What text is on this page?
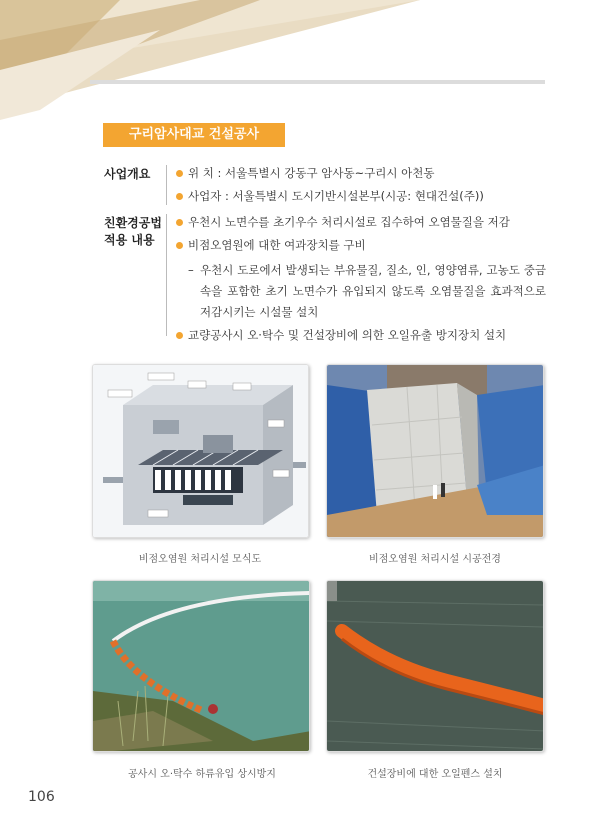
구리암사대교 건설공사
사업개요	위 치 : 서울특별시 강동구 암사동~구리시 아천동
사업자 : 서울특별시 도시기반시설본부(시공: 현대건설(주))
친환경공법
적용 내용
우천시 노면수를 초기우수 처리시설로 집수하여 오염물질을 저감
비점오염원에 대한 여과장치를 구비
– 우천시 도로에서 발생되는 부유물질, 질소, 인, 영양염류, 고농도 중금속을 포함한 초기 노면수가 유입되지 않도록 오염물질을 효과적으로 저감시키는 시설물 설치
교량공사시 오·탁수 및 건설장비에 의한 오일유출 방지장치 설치
비점오염원 처리시설 모식도	비점오염원 처리시설 시공전경
공사시 오·탁수 하류유입 상시방지	건설장비에 대한 오일펜스 설치
106
